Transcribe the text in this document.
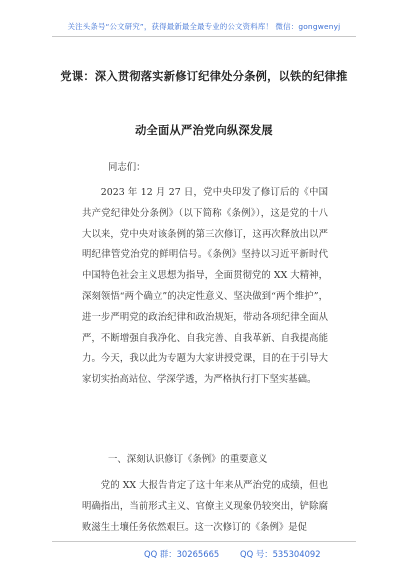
关注头条号“公文研究”，获得最新最全最专业的公文资料库！ 微信：gongwenyj
党课：深入贯彻落实新修订纪律处分条例，以铁的纪律推
动全面从严治党向纵深发展
同志们：

2023 年 12 月 27 日，党中央印发了修订后的《中国共产党纪律处分条例》（以下简称《条例》），这是党的十八大以来，党中央对该条例的第三次修订，这再次释放出以严明纪律管党治党的鲜明信号。《条例》坚持以习近平新时代中国特色社会主义思想为指导，全面贯彻党的 XX 大精神，深刻领悟“两个确立”的决定性意义、坚决做到“两个维护”，进一步严明党的政治纪律和政治规矩，带动各项纪律全面从严，不断增强自我净化、自我完善、自我革新、自我提高能力。今天，我以此为专题为大家讲授党课，目的在于引导大家切实抬高站位、学深学透，为严格执行打下坚实基础。

一、深刻认识修订《条例》的重要意义

党的 XX 大报告肯定了这十年来从严治党的成绩，但也明确指出，当前形式主义、官僚主义现象仍较突出，铲除腐败滋生土壤任务依然艰巨。这一次修订的《条例》是促

QQ 群：30265665 QQ 号：535304092
